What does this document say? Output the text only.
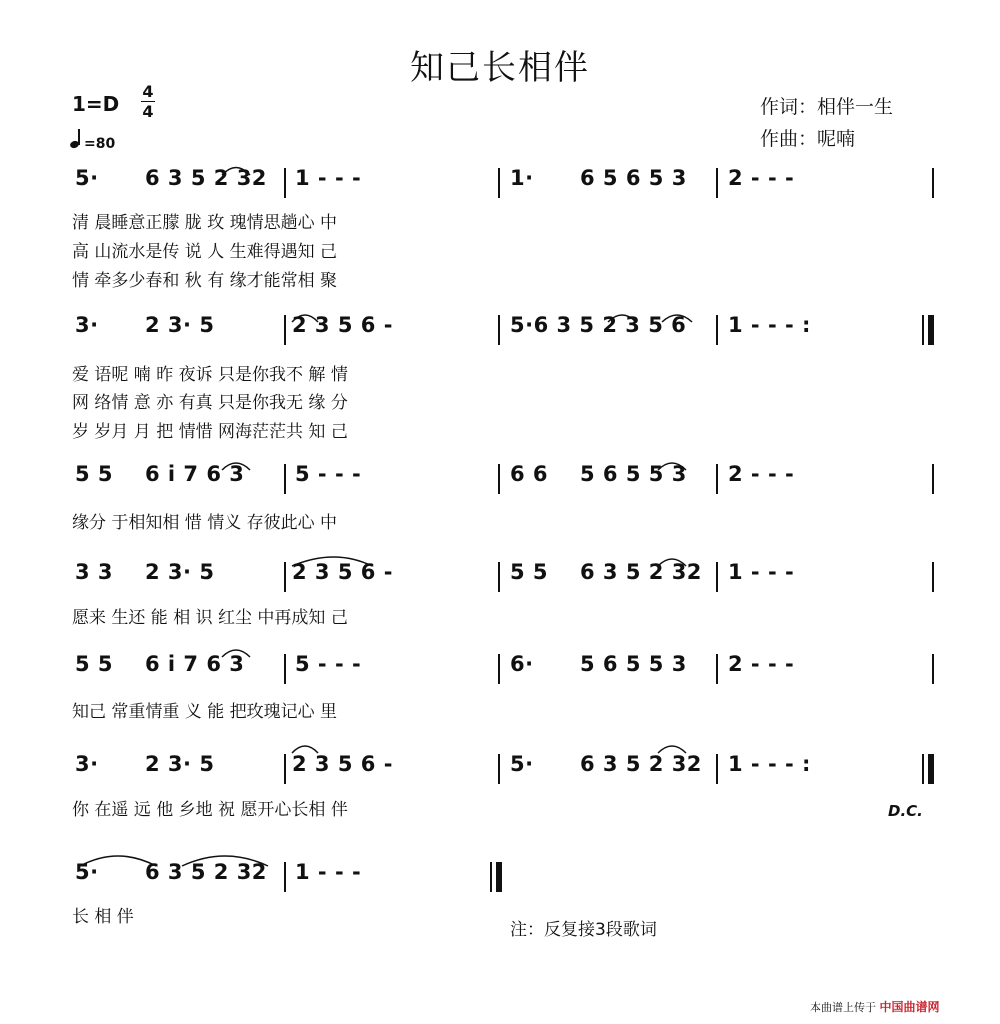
知己长相伴
1=D
4
4
=80
作词：相伴一生
作曲：呢喃
5· 6 3 5 2 32 1 - - -	1· 6 5 6 5 3 2 - - -
清 晨睡意正朦 胧 玫 瑰情思趟心 中
高 山流水是传 说 人 生难得遇知 己
情 牵多少春和 秋 有 缘才能常相 聚
3· 2 3· 5	2 3 5 6 -	5·6 3 5 2 3 5 6 1 - - - :
爱 语呢 喃 昨 夜诉 只是你我不 解 情
网 络情 意 亦 有真 只是你我无 缘 分
岁 岁月 月 把 情惜 网海茫茫共 知 己
5 5 6 i 7 6 3 5 - - -	6 6 5 6 5 5 3 2 - - -
缘分 于相知相 惜 情义 存彼此心 中
3 3 2 3· 5	2 3 5 6 -	5 5 6 3 5 2 32 1 - - -
愿来 生还 能 相 识 红尘 中再成知 己
5 5 6 i 7 6 3 5 - - -	6· 5 6 5 5 3 2 - - -
知己 常重情重 义 能 把玫瑰记心 里
3· 2 3· 5	2 3 5 6 -	5· 6 3 5 2 32 1 - - - :
你 在遥 远 他 乡地 祝 愿开心长相 伴
5· 6 3 5 2 32 1 - - -
长 相 伴
D.C.
注：反复接3段歌词
本曲谱上传于 中国曲谱网
